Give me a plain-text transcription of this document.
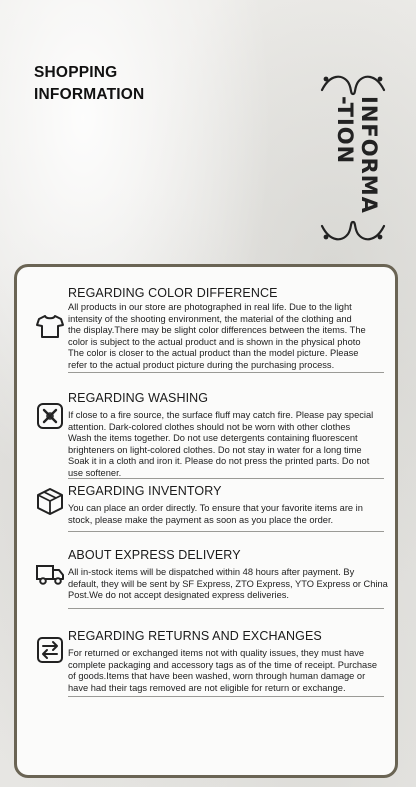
SHOPPING
INFORMATION
INFORMA
-TION
REGARDING COLOR DIFFERENCE
All products in our store are photographed in real life. Due to the light
intensity of the shooting environment, the material of the clothing and
the display.There may be slight color differences between the items. The
color is subject to the actual product and is shown in the physical photo
The color is closer to the actual product than the model picture. Please
refer to the actual product picture during the purchasing process.
REGARDING WASHING
If close to a fire source, the surface fluff may catch fire. Please pay special
attention. Dark-colored clothes should not be worn with other clothes
Wash the items together. Do not use detergents containing fluorescent
brighteners on light-colored clothes. Do not stay in water for a long time
Soak it in a cloth and iron it. Please do not press the printed parts. Do not
use softener.
REGARDING INVENTORY
You can place an order directly. To ensure that your favorite items are in
stock, please make the payment as soon as you place the order.
ABOUT EXPRESS DELIVERY
All in-stock items will be dispatched within 48 hours after payment. By
default, they will be sent by SF Express, ZTO Express, YTO Express or China
Post.We do not accept designated express deliveries.
REGARDING RETURNS AND EXCHANGES
For returned or exchanged items not with quality issues, they must have
complete packaging and accessory tags as of the time of receipt. Purchase
of goods.Items that have been washed, worn through human damage or
have had their tags removed are not eligible for return or exchange.
